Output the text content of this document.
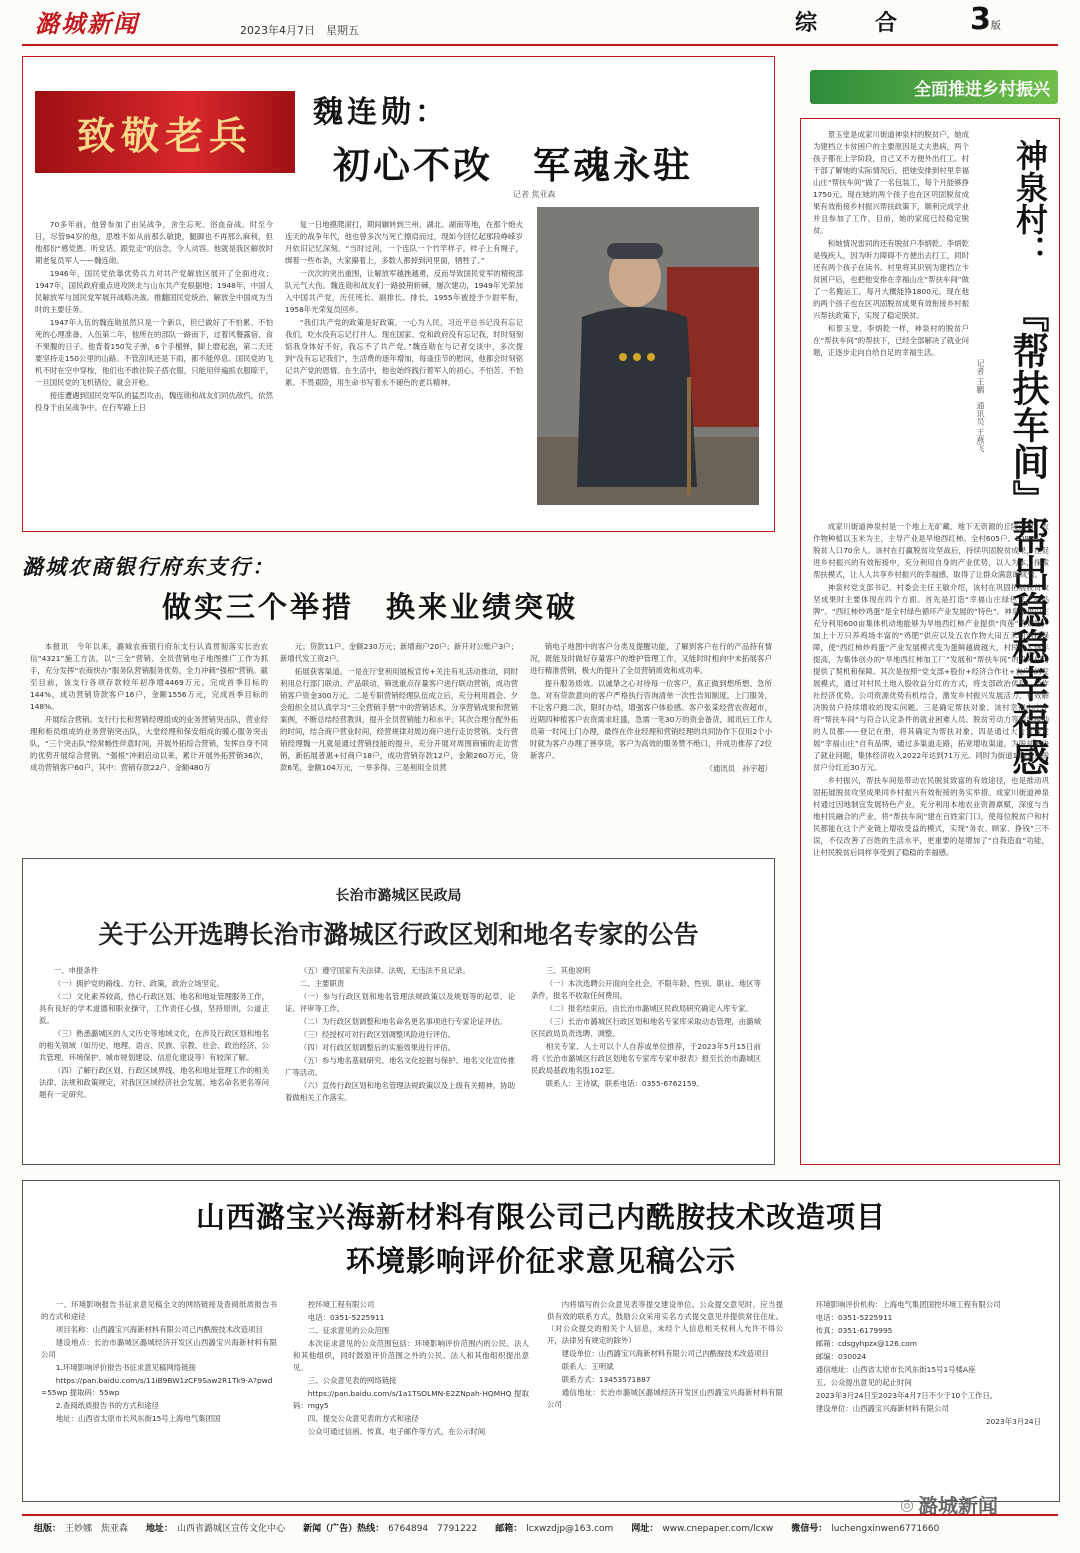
潞城新闻	2023年4月7日　星期五	综　合 3版
致敬老兵	魏连勋：
初心不改　军魂永驻
记者 焦亚森

70多年前，他曾参加了由吴战争，舍生忘死、浴血奋战。时至今日，尽管94岁的他，思维不如从前那么敏捷，腿脚也不再那么麻利，但他那份“感党恩、听党话、跟党走”的信念，令人动容。他就是我区解放时期老复员军人——魏连勋。

1946年，国民党依靠优势兵力对共产党解放区展开了全面进攻；1947年，国民政府重点进攻陕北与山东共产党根据地；1948年，中国人民解放军与国民党军展开战略决战。推翻国民党统治、解放全中国成为当时的主要任务。

1947年入伍的魏连勋虽然只是一个新兵，但已做好了不怕累、不怕死的心理准备。入伍第二年，他所在的部队一路南下，过着风餐露宿、食不果腹的日子。他背着150发子弹，6个手榴弹，脚上磨起泡，第二天还要坚持走150公里的山路。不管刮风还是下雨，都不能停息。国民党的飞机不时在空中穿梭，他们也不敢往院子搭衣服，只能用伴遍抓衣服晾干，一旦国民党的飞机错位，就会开枪。

接连遭遇到国民党军队的猛烈攻击，魏连勋和战友们同仇敌忾，依然投身于由吴战争中。在行军路上日

复一日地摸爬滚打，期间辗转到兰州、湖北、湖南等地，在那个炮火连天的战争年代，他也曾多次与死亡擦肩而过，现如今回忆起那段峥嵘岁月依旧记忆深刻。“当时过河，一个连队一个竹竿样子，样子上有绳子，绑着一些布条，大家攥着上，多数人都掉到河里面，牺牲了。”

一次次的突出重围，让解放军越挫越勇，反而导致国民党军的精锐部队元气大伤。魏连勋和战友们一路披荆斩棘，屡次建功，1949年光荣加入中国共产党，历任班长、副排长、排长，1955年被授予少尉军衔，1958年光荣复员回乡。

“我们共产党的政策是好政策，一心为人民，习近平总书记没有忘记我们，吃水没有忘记打井人。现在国家、党和政府没有忘记我，时时刻刻惦我身体好不好，我忘不了共产党。”魏连勋在与记者交谈中，多次提到“没有忘记我们”，生活费的逐年增加，每逢佳节的慰问，他都会时刻铭记共产党的恩情。在生活中，他也始终践行着军人的初心，不怕苦、不怕累、不畏艰险，用生命书写着永不褪色的老兵精神。

潞城农商银行府东支行：
做实三个举措　换来业绩突破

本报讯　今年以来，潞城农商银行府东支行认真贯彻落实长治农信“4321”施工方法，以“三全”营销、全员营销电子地图推广工作为抓手，充分发挥“农商快办”服务队营销服务优势，全力冲刺“强根”营销。截至目前，该支行各项存款较年初净增4469万元，完成首季目标的144%，成功营销贷款客户16户，金额1556万元，完成首季目标的148%。

开展综合营销。支行行长和营销经理组成的业务营销突击队，营业经理和柜员组成的业务营销突击队，大堂经理和保安组成的暖心服务突击队，“三个突击队”经常畅性伴意时间，开展外拓综合营销，发挥自身不同的优势开展综合营销。“强根”冲刺启动以来，累计开展外拓营销36次，成功营销客户60户，其中：营销存款22户、金额480万

元；贷款11户、金额230万元；新增商户20户；新开对公账户3户；新增代发工资2户。

拓展获客渠道。一是在厅堂利用展板宣传+关注有礼活动推动，同时利用总行部门联动、产品联动，筛选重点存量客户进行联动营销，成功营销客户资金300万元。二是专职营销经理队伍成立后，充分利用晨会、夕会组织全员认真学习“三全营销手册”中的营销话术，分享营销成果和营销案例，不断总结经营教训，提升全员营销能力和水平；其次合理分配外拓的时间，结合商户营业时间，经营规律对周边商户进行走访营销。支行营销经理魏一凡就是通过营销技能的提升，充分开展对周围商铺的走访营销，新拓展普惠+付商户18户，成功营销存款12户，金额260万元，贷款6笔，金额104万元，一举多得。三是利用全员营

销电子地图中的客户分类及提醒功能，了解到客户在行的产品持有情况，既能及时做好存量客户的维护管理工作，又能时时相向中未拓展客户进行精准营销，极大的提升了全员营销质效和成功率。

提升服务质效。以诚挚之心对待每一位客户，真正做到想所想、急所急。对有贷款意向的客户严格执行咨询清单一次性告知制度，上门服务，不让客户跑二次，限时办结，增强客户体验感。客户张某经营农资超市，近期四种植客户农资需求旺盛，急需一笔30万的资金备货，闻讯后工作人员第一时间上门办理，最终在作业经理和营销经理的共同协作下仅用2个小时就为客户办理了善享贷，客户为高效的服务赞不绝口，并成功推荐了2位新客户。

（通讯员　孙宇超）
长治市潞城区民政局
关于公开选聘长治市潞城区行政区划和地名专家的公告

一、申报条件

（一）拥护党的路线、方针、政策，政治立场坚定。

（二）文化素养较高，热心行政区划、地名和地址管理服务工作，具有良好的学术道德和职业操守，工作责任心强，坚持原则，公道正派。

（三）熟悉潞城区的人文历史等地域文化，在涉及行政区划和地名的相关领域（如历史、地理、语言、民族、宗教、社会、政治经济、公共管理、环境保护、城市规划建设、信息化建设等）有较深了解。

（四）了解行政区划、行政区域界线、地名和地址管理工作的相关法律、法规和政策规定，对我区区域经济社会发展、地名命名更名等问题有一定研究。

（五）遵守国家有关法律、法规，无违法不良记录。

二、主要职责

（一）参与行政区划和地名管理法规政策以及规划等的起草、论证、评审等工作。

（二）为行政区划调整和地名命名更名事项进行专家论证评估。

（三）经授权可对行政区划调整风险进行评估。

（四）对行政区划调整后的实施效果进行评估。

（五）参与地名基础研究、地名文化挖掘与保护、地名文化宣传推广等活动。

（六）宣传行政区划和地名管理法规政策以及上级有关精神，协助着做相关工作落实。

三、其他说明

（一）本次选聘公开面向全社会，不限年龄、性别、职业、地区等条件，报名不收取任何费用。

（二）报名结束后，由长治市潞城区民政局研究确定入库专家。

（三）长治市潞城区行政区划和地名专家库采取动态管理，由潞城区民政局负责选聘、调整。

相关专家、人士可以个人自荐或单位推荐，于2023年5月15日前将《长治市潞城区行政区划地名专家库专家申报表》报至长治市潞城区民政局基政地名股102室。

联系人：王诗斌，联系电话：0355-6762159。

全面推进乡村振兴

景玉堂是成家川街道神泉村的脱贫户，她成为建档立卡贫困户的主要原因是丈夫患病，两个孩子都在上学阶段，自己又不方便外出打工。村干部了解她的实际情况后，把她安排到村里幸福山庄“帮扶车间”做了一名包装工，每个月能够挣1750元。现在她的两个孩子也在区巩固脱贫成果有效衔接乡村振兴帮扶政策下，顺利完成学业并且参加了工作，目前，她的家庭已经稳定脱贫。

和她情况雷同的还有脱贫户李炳乾。李炳乾是残疾人，因为听力障碍不方便出去打工，同时还有两个孩子在读书。村里将其识别为建档立卡贫困户后，也把他安排在幸福山庄“帮扶车间”做了一名搬运工，每月大概能挣1800元。现在他的两个孩子也在区巩固脱贫成果有效衔接乡村振兴帮扶政策下，实现了稳定脱贫。

和景玉堂、李炳乾一样，神泉村的脱贫户在“帮扶车间”的帮扶下，已经全部解决了就业问题，正逐步走向自给自足的幸福生活。

记者 王鹏　通讯员 王燕飞
神泉村：
『帮扶车间』帮出稳稳幸福感

成家川街道神泉村是一个地上无矿藏、地下无资源的丘陵山村，农作物种植以玉米为主，主导产业是旱地西红柿。全村605户、2084人，脱贫人口70余人。该村在打赢脱贫攻坚战后，持续巩固脱贫成果，在促进乡村振兴的有效衔接中，充分利用自身的产业优势，以人为本，探索帮扶模式，让人人共享乡村振兴的幸福感，取得了让群众满意的成效。

神泉村党支部书记、村委会主任王敏介绍，该村在巩固拓展脱贫攻坚成果时主要体现在四个方面。首先是打造“幸福山庄绿色农产品品牌”。“西红柿炒鸡蛋”是全村绿色循环产业发展的“特色”。神泉幸福山庄充分利用600亩集体机动地能够为旱地西红柿产业提供“肉莲”的效能，加上十万只养鸡场丰富的“鸡肥”供应以及五农作物大田五禾的饲料保障，使“西红柿炒鸡蛋”产业发展模式变为蛋鲜越做越大，村民收入逐年提高，为集体创办的“旱地西红柿加工厂”发展和“帮扶车间”的投入使用提供了契机和保障。其次是按照“党支部+股份+经济合作社+农户”的发展模式，通过对村民土地入股收益分红的方式，将支部政治优势、合作社经济优势、公司资源优势有机结合，激发乡村振兴发展活力，有效解决脱贫户持续增收的现实问题。三是确定帮扶对象。该村幸福山庄中将“帮扶车间”与符合认定条件的就业困难人员、脱贫劳动力等需要援助的人员都——登记在册，将其确定为帮扶对象。四是通过大力宣传发展“幸福山庄”自有品牌，通过多渠道走路，拓宽增收渠道，为脱贫解决了就业问题，集体经济收入2022年达到71万元。同时为街道100余户脱贫户分红近30万元。

乡村振兴，帮扶车间是带动农民脱贫致富的有效途径，也是推动巩固拓展脱贫攻坚成果同乡村振兴有效衔接的务实举措。成家川街道神泉村通过因地制宜发展特色产业，充分利用本地农业资源禀赋，深度与当地村民融合的产业，将“帮扶车间”建在百姓家门口，使每位脱贫户和村民都能在这个产业链上增收受益的模式，实现“务农、顾家、挣钱”三不误，不仅改善了百姓的生活水平，更重要的是增加了“自我造血”功能，让村民脱贫后同样享受到了稳稳的幸福感。

山西潞宝兴海新材料有限公司己内酰胺技术改造项目
环境影响评价征求意见稿公示

一、环境影响报告书征求意见稿全文的网络链接及查阅纸质报告书的方式和途径

项目名称：山西潞宝兴海新材料有限公司己内酰胺技术改造项目

建设地点：长治市潞城区潞城经济开发区山西潞宝兴海新材料有限公司

1.环境影响评价报告书征求意见稿网络链接

https://pan.baidu.com/s/11iB9BW1zCF9Saw2R1Tk9-A?pwd=55wp 提取码：55wp

2.查阅纸质报告书的方式和途径

地址：山西省太原市长风东街15号上海电气集团国

控环境工程有限公司

电话：0351-5225911

二、征求意见的公众范围

本次征求意见的公众范围包括：环境影响评价范围内的公民、法人和其他组织，同时鼓励评价范围之外的公民、法人和其他组织提出意见。

三、公众意见表的网络链接

https://pan.baidu.com/s/1a1TSOLMN-E2ZNpah-HQMHQ 提取码：mgy5

四、提交公众意见表的方式和途径

公众可通过信函、传真、电子邮件等方式，在公示时间

内将填写的公众意见表等提交建设单位。公众提交意见时，应当提供有效的联系方式，鼓励公众采用实名方式提交意见并提供常住住址。（对公众提交的相关个人信息，未经个人信息相关权利人允许不得公开，法律另有规定的除外）

建设单位：山西潞宝兴海新材料有限公司己内酰胺技术改造项目

联系人：王明斌

联系方式：13453571887

通信地址：长治市潞城区潞城经济开发区山西潞宝兴海新材料有限公司

环境影响评价机构：上海电气集团国控环境工程有限公司

电话：0351-5225911

传真：0351-6179995

邮箱：cdsgyhpzx@126.com

邮编：030024

通信地址：山西省太原市长风东街15号1号楼A座

五、公众提出意见的起止时间

2023年3月24日至2023年4月7日不少于10个工作日。

建设单位：山西潞宝兴海新材料有限公司

2023年3月24日
◎ 潞城新闻
组版： 王妙娜　焦亚森 地址： 山西省潞城区宣传文化中心 新闻（广告）热线： 6764894　7791222 邮箱： lcxwzdjp@163.com 网址： www.cnepaper.com/lcxw 微信号： luchengxinwen6771660
